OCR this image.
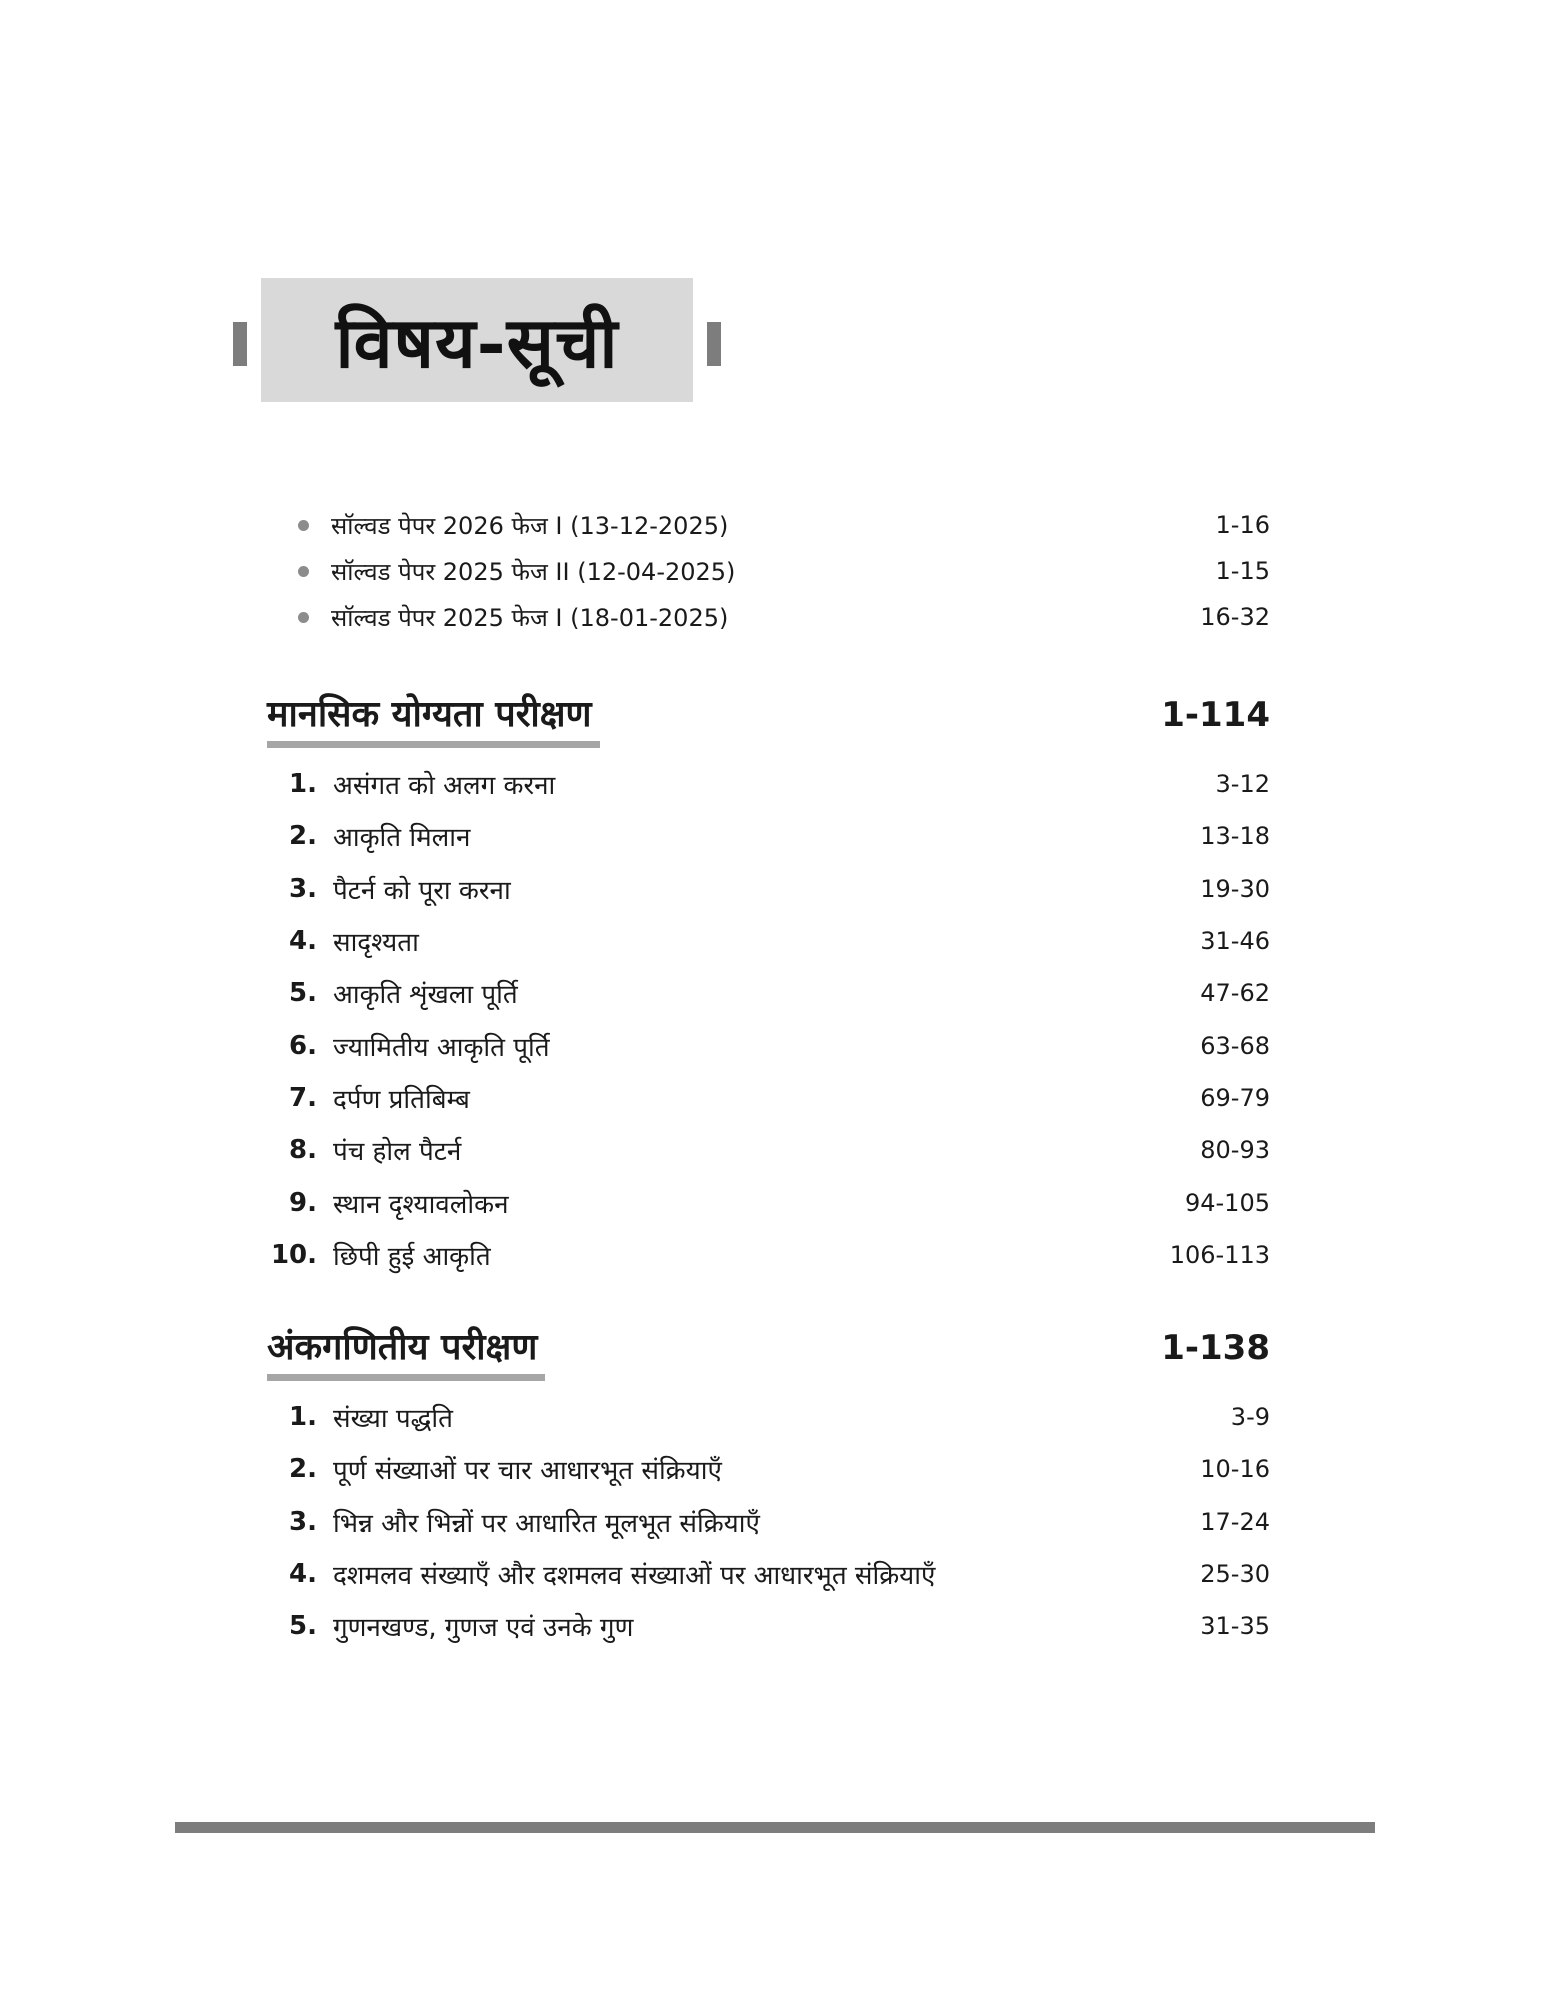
विषय-सूची
सॉल्वड पेपर 2026 फेज I (13-12-2025)	1-16
सॉल्वड पेपर 2025 फेज II (12-04-2025)	1-15
सॉल्वड पेपर 2025 फेज I (18-01-2025)	16-32
मानसिक योग्यता परीक्षण	1-114
1. असंगत को अलग करना	3-12
2. आकृति मिलान	13-18
3. पैटर्न को पूरा करना	19-30
4. सादृश्यता	31-46
5. आकृति शृंखला पूर्ति	47-62
6. ज्यामितीय आकृति पूर्ति	63-68
7. दर्पण प्रतिबिम्ब	69-79
8. पंच होल पैटर्न	80-93
9. स्थान दृश्यावलोकन	94-105
10. छिपी हुई आकृति	106-113
अंकगणितीय परीक्षण	1-138
1. संख्या पद्धति	3-9
2. पूर्ण संख्याओं पर चार आधारभूत संक्रियाएँ	10-16
3. भिन्न और भिन्नों पर आधारित मूलभूत संक्रियाएँ	17-24
4. दशमलव संख्याएँ और दशमलव संख्याओं पर आधारभूत संक्रियाएँ	25-30
5. गुणनखण्ड, गुणज एवं उनके गुण	31-35
